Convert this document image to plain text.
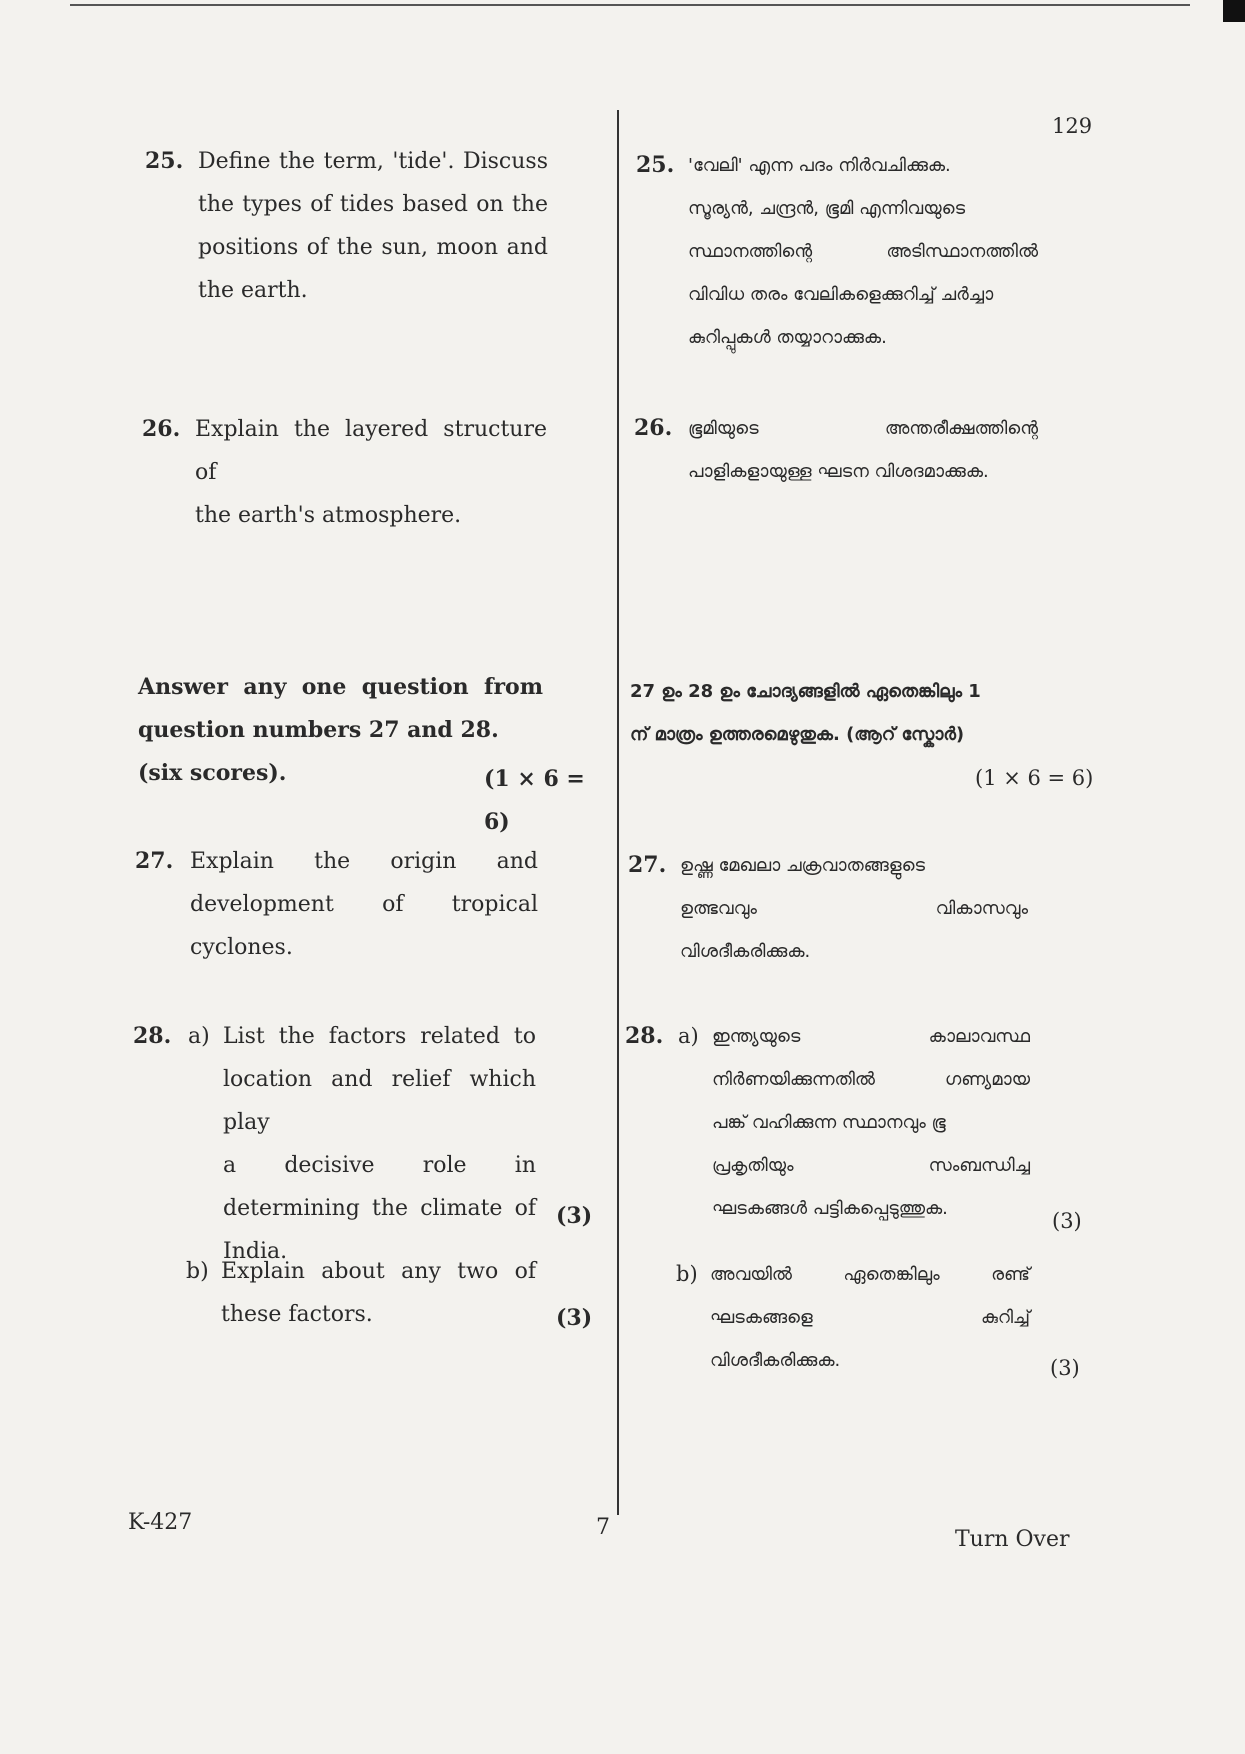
129
25. Define the term, 'tide'. Discuss
the types of tides based on the
positions of the sun, moon and
the earth.
26. Explain the layered structure of
the earth's atmosphere.
Answer any one question from
question numbers 27 and 28.
(six scores).	(1 × 6 = 6)
27. Explain the origin and
development of tropical
cyclones.
28. a) List the factors related to
location and relief which play
a decisive role in
determining the climate of
India.
(3)
b) Explain about any two of
these factors.	(3)
25. 'വേലി' എന്ന പദം നിർവചിക്കുക.
സൂര്യൻ, ചന്ദ്രൻ, ഭൂമി എന്നിവയുടെ
സ്ഥാനത്തിന്റെ അടിസ്ഥാനത്തിൽ
വിവിധ തരം വേലികളെക്കുറിച്ച് ചർച്ചാ
കുറിപ്പുകൾ തയ്യാറാക്കുക.
26. ഭൂമിയുടെ അന്തരീക്ഷത്തിന്റെ
പാളികളായുള്ള ഘടന വിശദമാക്കുക.
27 ഉം 28 ഉം ചോദ്യങ്ങളിൽ ഏതെങ്കിലും 1
ന് മാത്രം ഉത്തരമെഴുതുക. (ആറ് സ്കോർ)
(1 × 6 = 6)
27. ഉഷ്ണ മേഖലാ ചക്രവാതങ്ങളുടെ
ഉത്ഭവവും വികാസവും
വിശദീകരിക്കുക.
28. a) ഇന്ത്യയുടെ കാലാവസ്ഥ
നിർണയിക്കുന്നതിൽ ഗണ്യമായ
പങ്ക് വഹിക്കുന്ന സ്ഥാനവും ഭൂ
പ്രകൃതിയും സംബന്ധിച്ച
ഘടകങ്ങൾ പട്ടികപ്പെടുത്തുക.
(3)
b) അവയിൽ ഏതെങ്കിലും രണ്ട്
ഘടകങ്ങളെ കുറിച്ച്
വിശദീകരിക്കുക.	(3)
K-427	7	Turn Over
